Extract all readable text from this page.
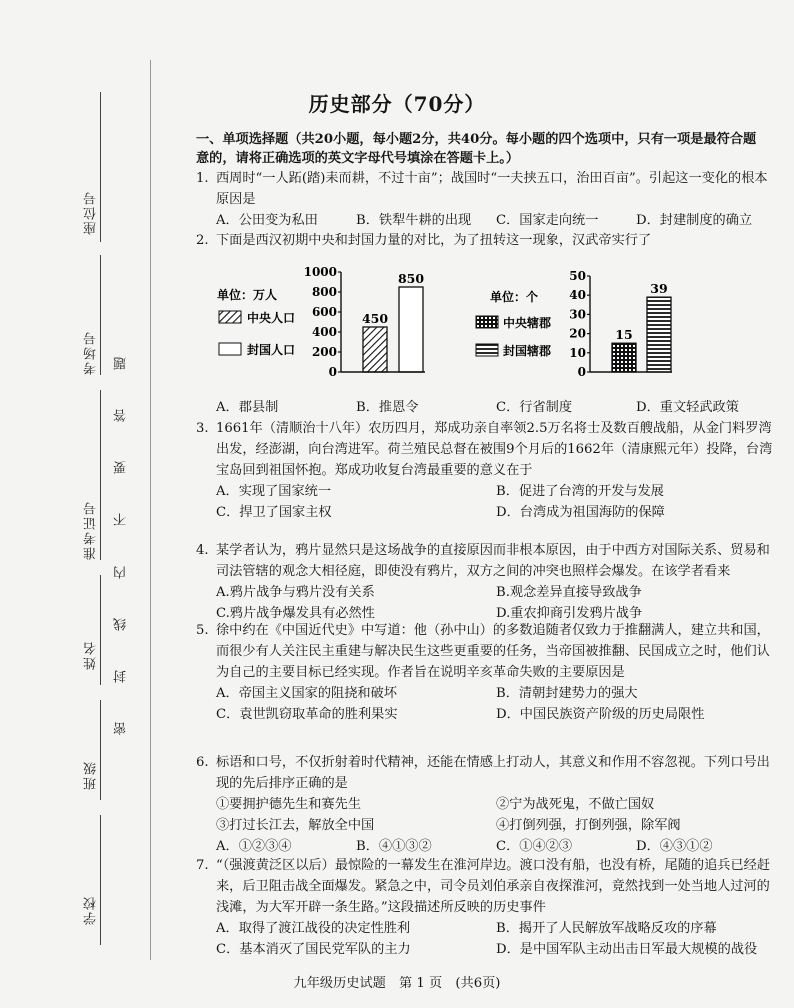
座位号
考场号
准考证号
姓名
班级
学校
密
封
线
内
不
要
答
题
历史部分（70分）
一、单项选择题（共20小题，每小题2分，共40分。每小题的四个选项中，只有一项是最符合题意的，请将正确选项的英文字母代号填涂在答题卡上。）
1. 西周时“一人跖(踏)耒而耕，不过十亩”；战国时“一夫挟五口，治田百亩”。引起这一变化的根本原因是
A．公田变为私田	B．铁犁牛耕的出现	C．国家走向统一	D．封建制度的确立
2. 下面是西汉初期中央和封国力量的对比，为了扭转这一现象，汉武帝实行了
1000
800
600
400
200
0
450
850
单位：万人
中央人口
封国人口
50
40
30
20
10
0
15
39
单位：个
中央辖郡
封国辖郡
A．郡县制	B．推恩令	C．行省制度	D．重文轻武政策
3. 1661年（清顺治十八年）农历四月，郑成功亲自率领2.5万名将士及数百艘战船，从金门料罗湾出发，经澎湖，向台湾进军。荷兰殖民总督在被围9个月后的1662年（清康熙元年）投降，台湾宝岛回到祖国怀抱。郑成功收复台湾最重要的意义在于
A．实现了国家统一	B．促进了台湾的开发与发展
C．捍卫了国家主权	D．台湾成为祖国海防的保障
4. 某学者认为，鸦片显然只是这场战争的直接原因而非根本原因，由于中西方对国际关系、贸易和司法管辖的观念大相径庭，即使没有鸦片，双方之间的冲突也照样会爆发。在该学者看来
A.鸦片战争与鸦片没有关系	B.观念差异直接导致战争
C.鸦片战争爆发具有必然性	D.重农抑商引发鸦片战争
5. 徐中约在《中国近代史》中写道：他（孙中山）的多数追随者仅致力于推翻满人，建立共和国，而很少有人关注民主重建与解决民生这些更重要的任务，当帝国被推翻、民国成立之时，他们认为自己的主要目标已经实现。作者旨在说明辛亥革命失败的主要原因是
A．帝国主义国家的阻挠和破坏	B．清朝封建势力的强大
C．袁世凯窃取革命的胜利果实	D．中国民族资产阶级的历史局限性
6. 标语和口号，不仅折射着时代精神，还能在情感上打动人，其意义和作用不容忽视。下列口号出现的先后排序正确的是
①要拥护德先生和赛先生	②宁为战死鬼，不做亡国奴
③打过长江去，解放全中国	④打倒列强，打倒列强，除军阀
A．①②③④	B．④①③②	C．①④②③	D．④③①②
7. “（强渡黄泛区以后）最惊险的一幕发生在淮河岸边。渡口没有船，也没有桥，尾随的追兵已经赶来，后卫阻击战全面爆发。紧急之中，司令员刘伯承亲自夜探淮河，竟然找到一处当地人过河的浅滩，为大军开辟一条生路。”这段描述所反映的历史事件
A．取得了渡江战役的决定性胜利	B．揭开了人民解放军战略反攻的序幕
C．基本消灭了国民党军队的主力	D．是中国军队主动出击日军最大规模的战役
九年级历史试题　第 1 页　(共6页)
